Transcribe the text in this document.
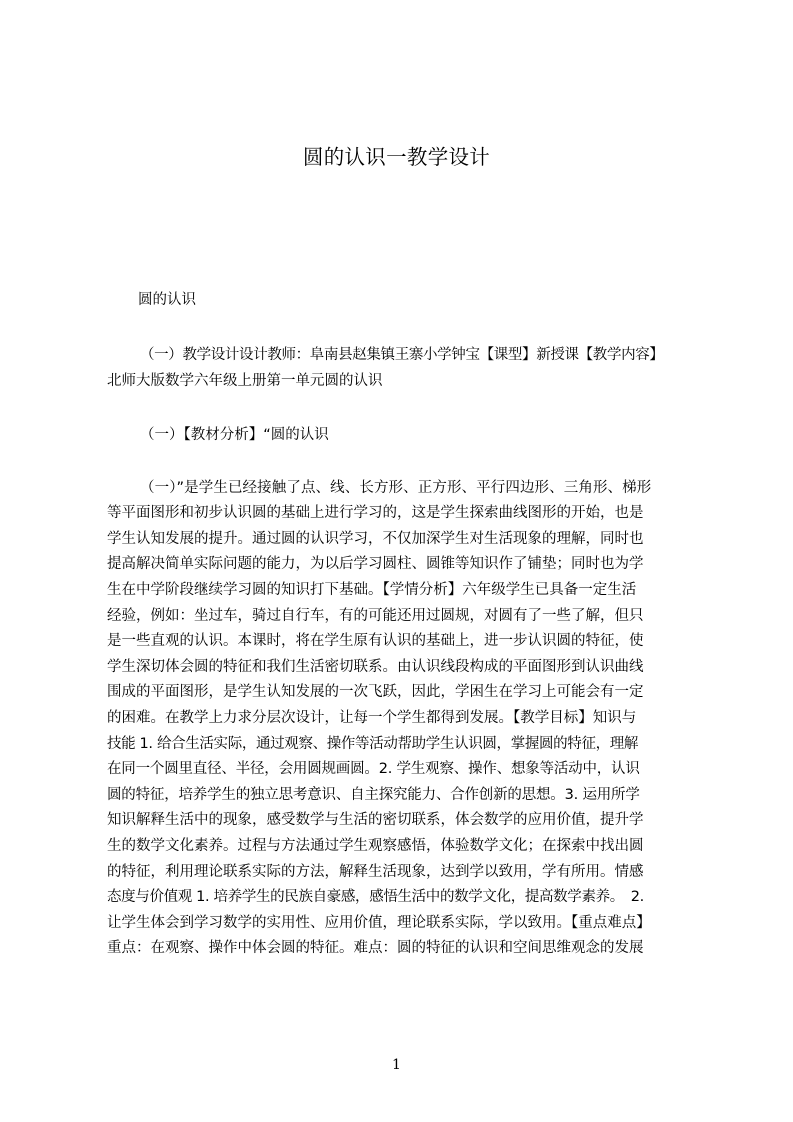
圆的认识一教学设计
圆的认识
（一）教学设计设计教师：阜南县赵集镇王寨小学钟宝【课型】新授课【教学内容】
北师大版数学六年级上册第一单元圆的认识
（一）【教材分析】“圆的认识
（一）”是学生已经接触了点、线、长方形、正方形、平行四边形、三角形、梯形
等平面图形和初步认识圆的基础上进行学习的，这是学生探索曲线图形的开始，也是
学生认知发展的提升。通过圆的认识学习，不仅加深学生对生活现象的理解，同时也
提高解决简单实际问题的能力，为以后学习圆柱、圆锥等知识作了铺垫；同时也为学
生在中学阶段继续学习圆的知识打下基础。【学情分析】六年级学生已具备一定生活
经验，例如：坐过车，骑过自行车，有的可能还用过圆规，对圆有了一些了解，但只
是一些直观的认识。本课时，将在学生原有认识的基础上，进一步认识圆的特征，使
学生深切体会圆的特征和我们生活密切联系。由认识线段构成的平面图形到认识曲线
围成的平面图形，是学生认知发展的一次飞跃，因此，学困生在学习上可能会有一定
的困难。在教学上力求分层次设计，让每一个学生都得到发展。【教学目标】知识与
技能 1. 给合生活实际，通过观察、操作等活动帮助学生认识圆，掌握圆的特征，理解
在同一个圆里直径、半径，会用圆规画圆。2. 学生观察、操作、想象等活动中，认识
圆的特征，培养学生的独立思考意识、自主探究能力、合作创新的思想。3. 运用所学
知识解释生活中的现象，感受数学与生活的密切联系，体会数学的应用价值，提升学
生的数学文化素养。过程与方法通过学生观察感悟，体验数学文化；在探索中找出圆
的特征，利用理论联系实际的方法，解释生活现象，达到学以致用，学有所用。情感
态度与价值观 1. 培养学生的民族自豪感，感悟生活中的数学文化，提高数学素养。　2.
让学生体会到学习数学的实用性、应用价值，理论联系实际，学以致用。【重点难点】
重点：在观察、操作中体会圆的特征。难点：圆的特征的认识和空间思维观念的发展
1
